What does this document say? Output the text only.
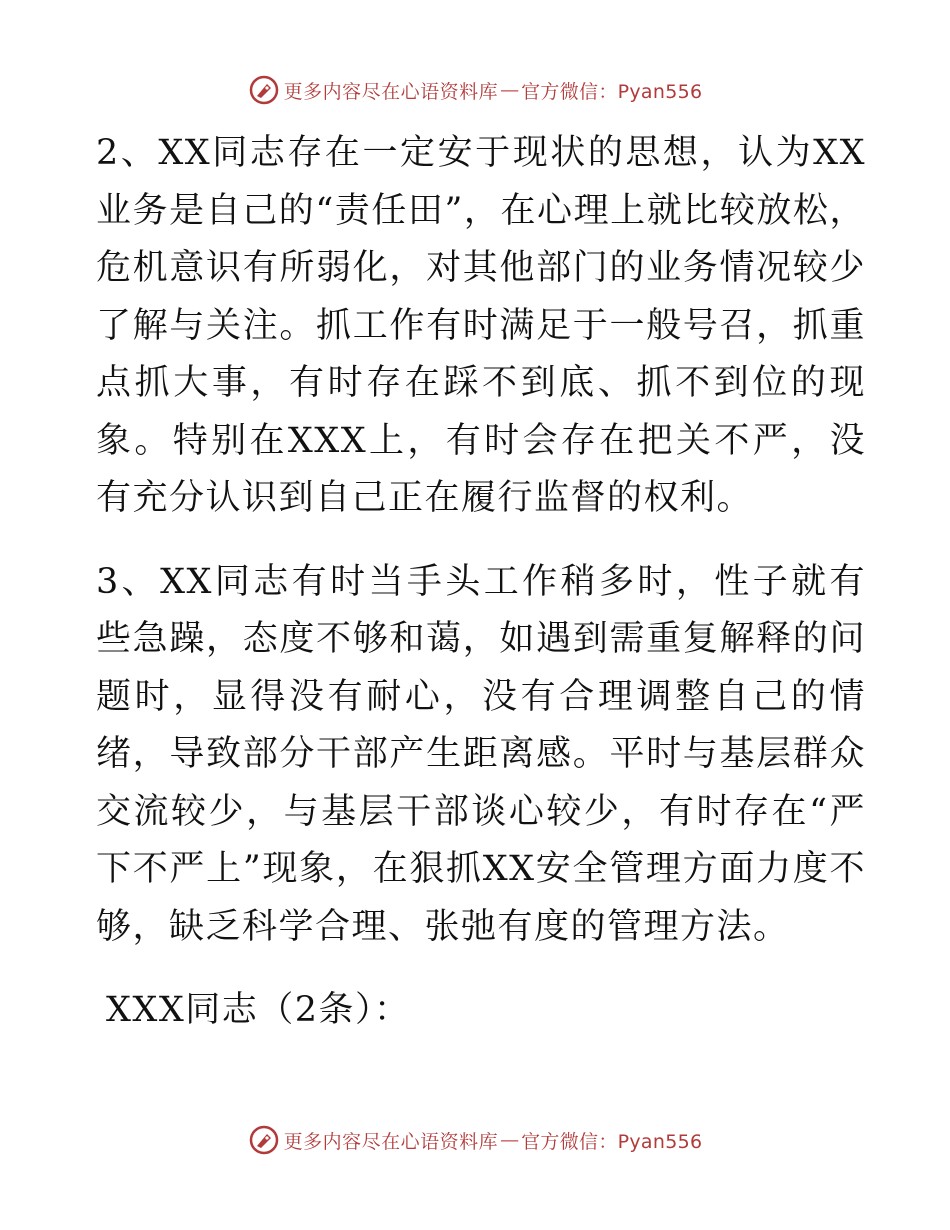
更多内容尽在心语资料库 — 官方微信：Pyan556

2、XX同志存在一定安于现状的思想，认为XX业务是自己的“责任田”，在心理上就比较放松，危机意识有所弱化，对其他部门的业务情况较少了解与关注。抓工作有时满足于一般号召，抓重点抓大事，有时存在踩不到底、抓不到位的现象。特别在XXX上，有时会存在把关不严，没有充分认识到自己正在履行监督的权利。

3、XX同志有时当手头工作稍多时，性子就有些急躁，态度不够和蔼，如遇到需重复解释的问题时，显得没有耐心，没有合理调整自己的情绪，导致部分干部产生距离感。平时与基层群众交流较少，与基层干部谈心较少，有时存在“严下不严上”现象，在狠抓XX安全管理方面力度不够，缺乏科学合理、张弛有度的管理方法。

XXX同志（2条）：

更多内容尽在心语资料库 — 官方微信：Pyan556
